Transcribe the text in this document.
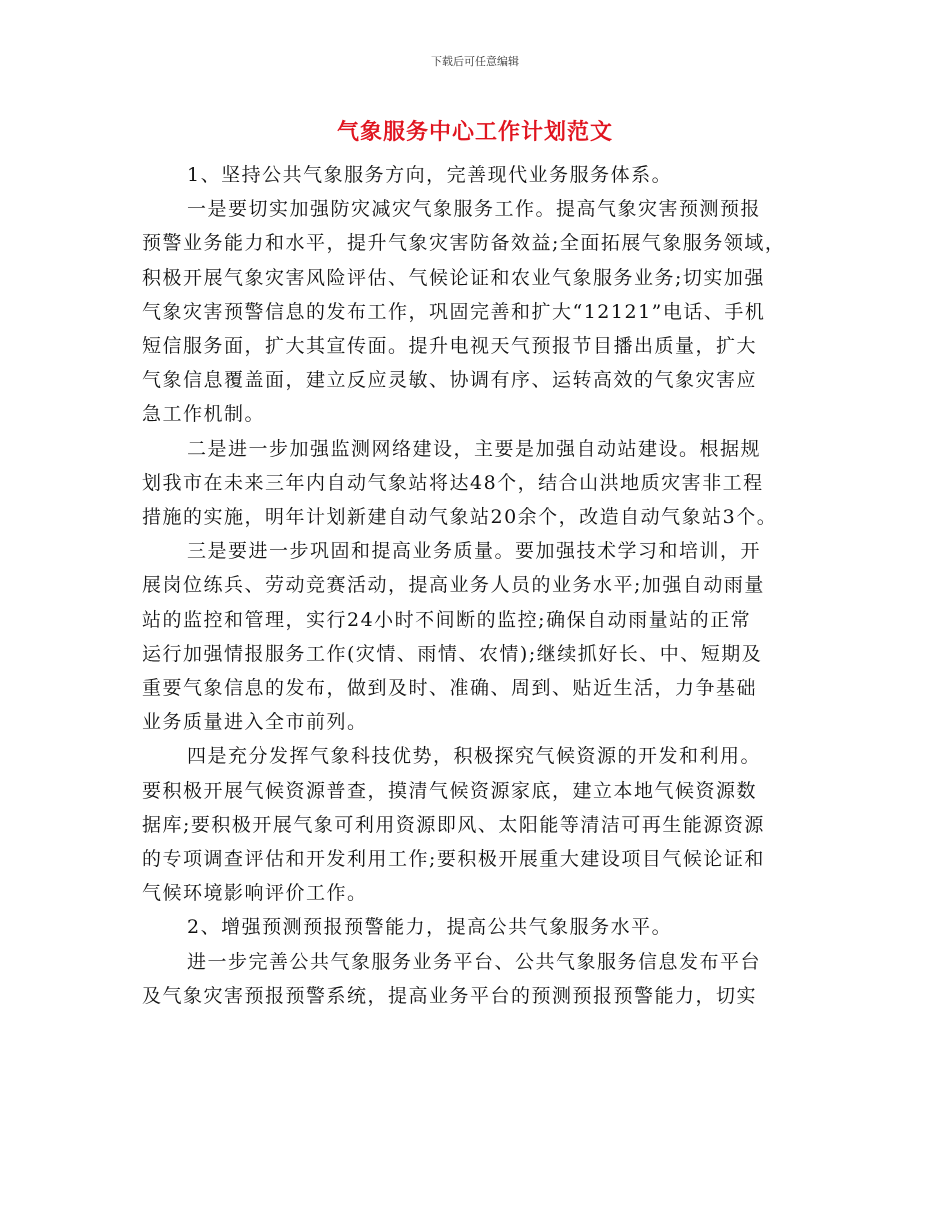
下载后可任意编辑
气象服务中心工作计划范文

1、坚持公共气象服务方向，完善现代业务服务体系。

一是要切实加强防灾减灾气象服务工作。提高气象灾害预测预报
预警业务能力和水平，提升气象灾害防备效益;全面拓展气象服务领域，
积极开展气象灾害风险评估、气候论证和农业气象服务业务;切实加强
气象灾害预警信息的发布工作，巩固完善和扩大“12121”电话、手机
短信服务面，扩大其宣传面。提升电视天气预报节目播出质量，扩大
气象信息覆盖面，建立反应灵敏、协调有序、运转高效的气象灾害应
急工作机制。

二是进一步加强监测网络建设，主要是加强自动站建设。根据规
划我市在未来三年内自动气象站将达48个，结合山洪地质灾害非工程
措施的实施，明年计划新建自动气象站20余个，改造自动气象站3个。

三是要进一步巩固和提高业务质量。要加强技术学习和培训，开
展岗位练兵、劳动竞赛活动，提高业务人员的业务水平;加强自动雨量
站的监控和管理，实行24小时不间断的监控;确保自动雨量站的正常
运行加强情报服务工作(灾情、雨情、农情);继续抓好长、中、短期及
重要气象信息的发布，做到及时、准确、周到、贴近生活，力争基础
业务质量进入全市前列。

四是充分发挥气象科技优势，积极探究气候资源的开发和利用。
要积极开展气候资源普查，摸清气候资源家底，建立本地气候资源数
据库;要积极开展气象可利用资源即风、太阳能等清洁可再生能源资源
的专项调查评估和开发利用工作;要积极开展重大建设项目气候论证和
气候环境影响评价工作。

2、增强预测预报预警能力，提高公共气象服务水平。

进一步完善公共气象服务业务平台、公共气象服务信息发布平台
及气象灾害预报预警系统，提高业务平台的预测预报预警能力，切实
